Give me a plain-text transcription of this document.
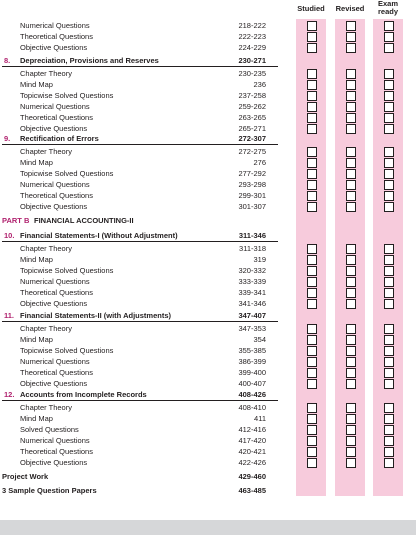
Studied	Revised
Exam
ready
Numerical Questions	218-222
Theoretical Questions	222-223
Objective Questions	224-229
8. Depreciation, Provisions and Reserves	230-271
Chapter Theory	230-235
Mind Map	236
Topicwise Solved Questions	237-258
Numerical Questions	259-262
Theoretical Questions	263-265
Objective Questions	265-271
9. Rectification of Errors	272-307
Chapter Theory	272-275
Mind Map	276
Topicwise Solved Questions	277-292
Numerical Questions	293-298
Theoretical Questions	299-301
Objective Questions	301-307
PART B FINANCIAL ACCOUNTING-II
10. Financial Statements-I (Without Adjustment)	311-346
Chapter Theory	311-318
Mind Map	319
Topicwise Solved Questions	320-332
Numerical Questions	333-339
Theoretical Questions	339-341
Objective Questions	341-346
11. Financial Statements-II (with Adjustments)	347-407
Chapter Theory	347-353
Mind Map	354
Topicwise Solved Questions	355-385
Numerical Questions	386-399
Theoretical Questions	399-400
Objective Questions	400-407
12. Accounts from Incomplete Records	408-426
Chapter Theory	408-410
Mind Map	411
Solved Questions	412-416
Numerical Questions	417-420
Theoretical Questions	420-421
Objective Questions	422-426
Project Work	429-460
3 Sample Question Papers	463-485
